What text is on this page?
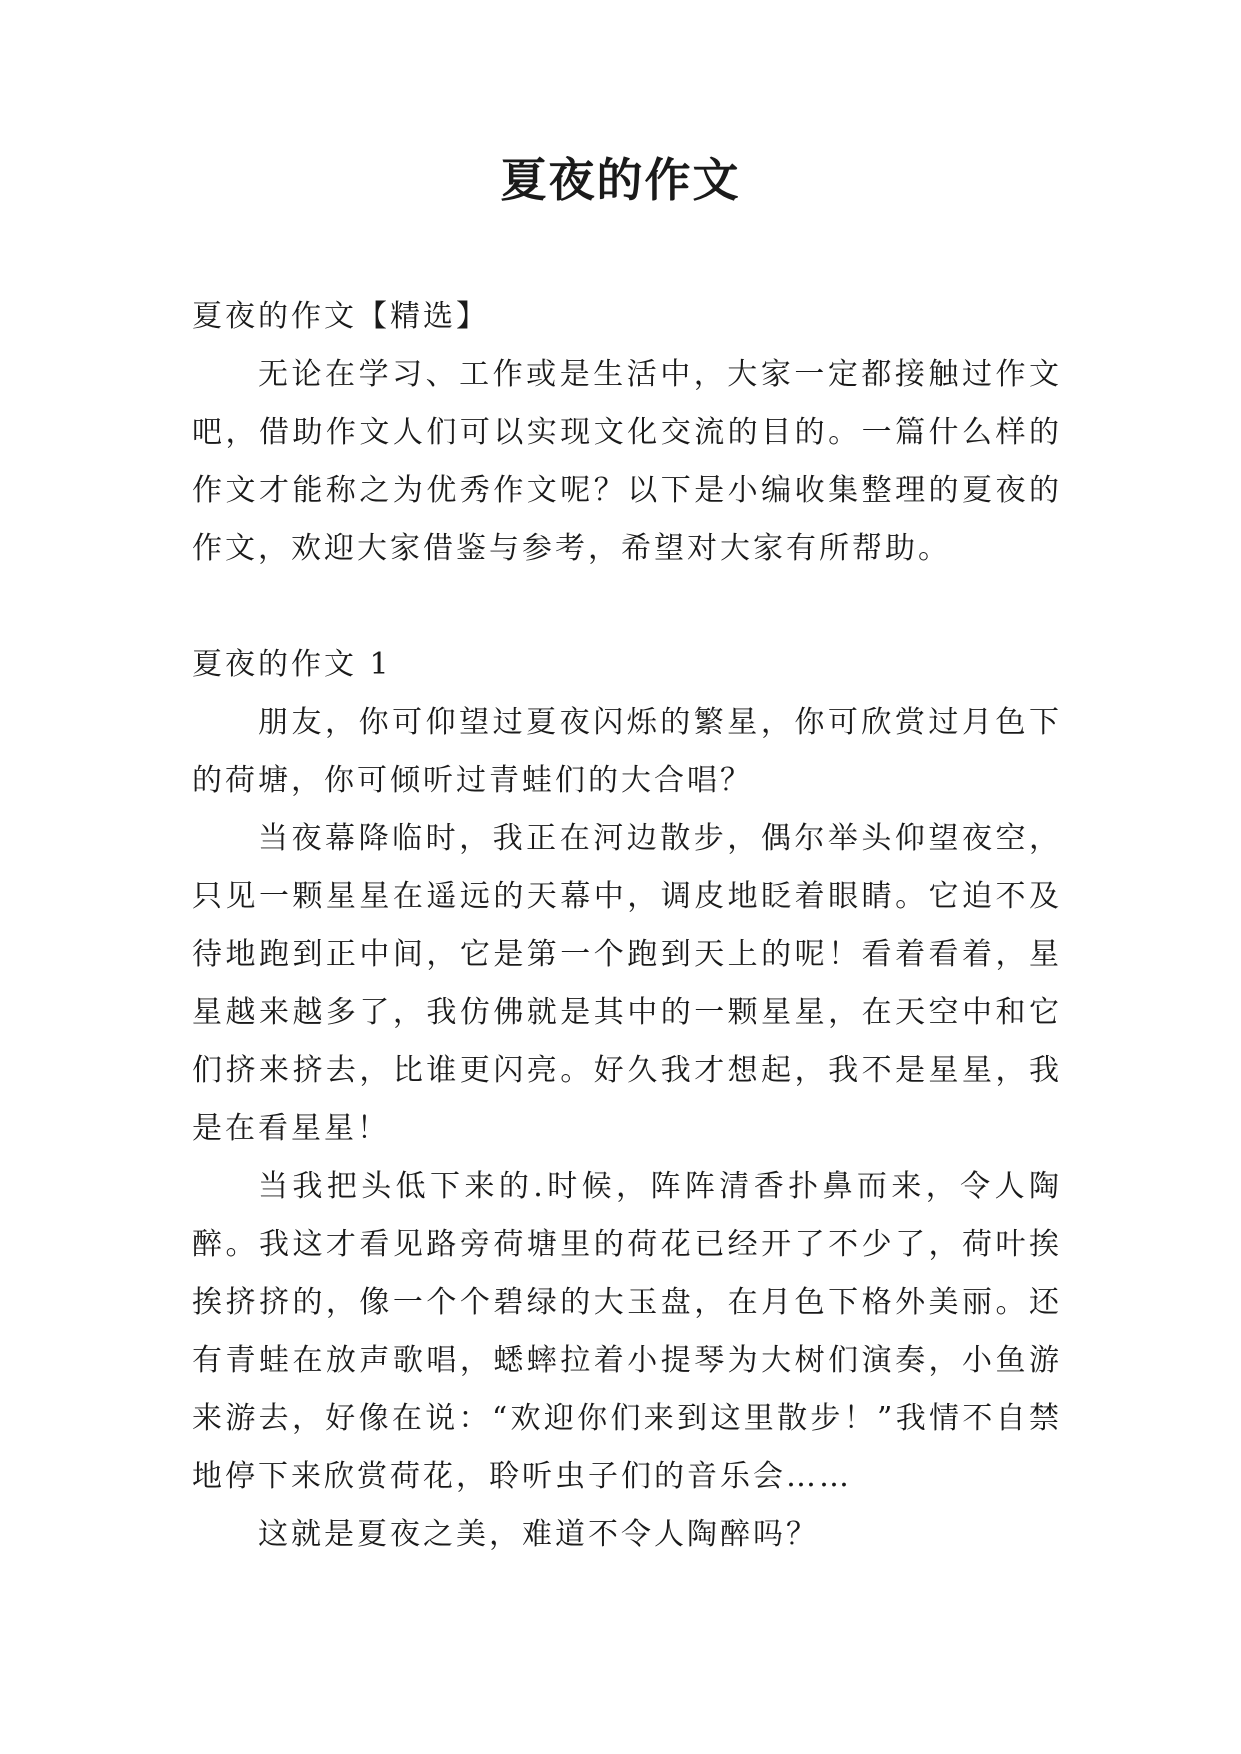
夏夜的作文

夏夜的作文【精选】

无论在学习、工作或是生活中，大家一定都接触过作文吧，借助作文人们可以实现文化交流的目的。一篇什么样的作文才能称之为优秀作文呢？以下是小编收集整理的夏夜的作文，欢迎大家借鉴与参考，希望对大家有所帮助。

夏夜的作文 1

朋友，你可仰望过夏夜闪烁的繁星，你可欣赏过月色下的荷塘，你可倾听过青蛙们的大合唱？

当夜幕降临时，我正在河边散步，偶尔举头仰望夜空，只见一颗星星在遥远的天幕中，调皮地眨着眼睛。它迫不及待地跑到正中间，它是第一个跑到天上的呢！看着看着，星星越来越多了，我仿佛就是其中的一颗星星，在天空中和它们挤来挤去，比谁更闪亮。好久我才想起，我不是星星，我是在看星星！

当我把头低下来的.时候，阵阵清香扑鼻而来，令人陶醉。我这才看见路旁荷塘里的荷花已经开了不少了，荷叶挨挨挤挤的，像一个个碧绿的大玉盘，在月色下格外美丽。还有青蛙在放声歌唱，蟋蟀拉着小提琴为大树们演奏，小鱼游来游去，好像在说：“欢迎你们来到这里散步！”我情不自禁地停下来欣赏荷花，聆听虫子们的音乐会……

这就是夏夜之美，难道不令人陶醉吗？
